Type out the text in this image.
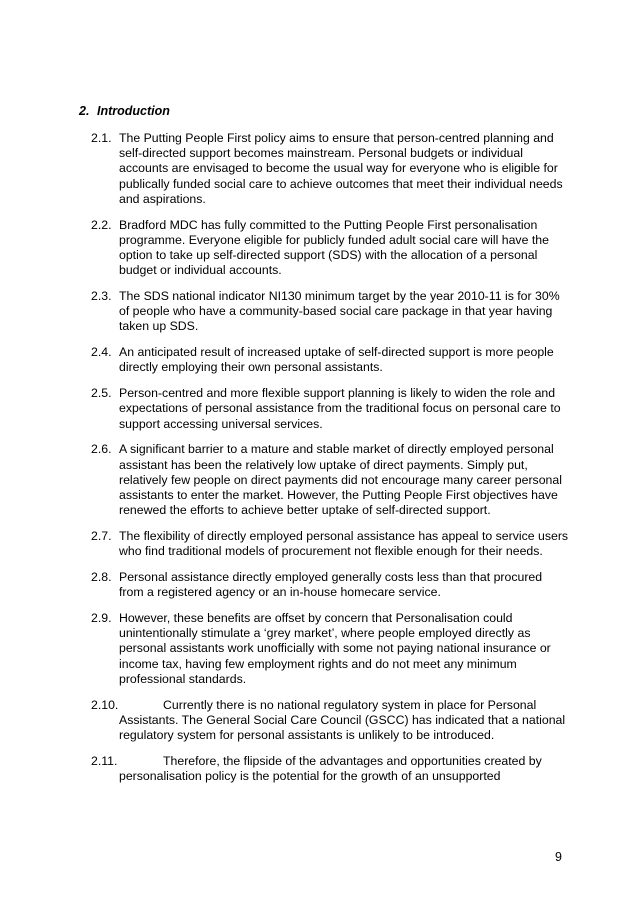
2. Introduction

2.1. The Putting People First policy aims to ensure that person-centred planning and self-directed support becomes mainstream. Personal budgets or individual accounts are envisaged to become the usual way for everyone who is eligible for publically funded social care to achieve outcomes that meet their individual needs and aspirations.

2.2. Bradford MDC has fully committed to the Putting People First personalisation programme. Everyone eligible for publicly funded adult social care will have the option to take up self-directed support (SDS) with the allocation of a personal budget or individual accounts.

2.3. The SDS national indicator NI130 minimum target by the year 2010-11 is for 30% of people who have a community-based social care package in that year having taken up SDS.

2.4. An anticipated result of increased uptake of self-directed support is more people directly employing their own personal assistants.

2.5. Person-centred and more flexible support planning is likely to widen the role and expectations of personal assistance from the traditional focus on personal care to support accessing universal services.

2.6. A significant barrier to a mature and stable market of directly employed personal assistant has been the relatively low uptake of direct payments. Simply put, relatively few people on direct payments did not encourage many career personal assistants to enter the market. However, the Putting People First objectives have renewed the efforts to achieve better uptake of self-directed support.

2.7. The flexibility of directly employed personal assistance has appeal to service users who find traditional models of procurement not flexible enough for their needs.

2.8. Personal assistance directly employed generally costs less than that procured from a registered agency or an in-house homecare service.

2.9. However, these benefits are offset by concern that Personalisation could unintentionally stimulate a ‘grey market’, where people employed directly as personal assistants work unofficially with some not paying national insurance or income tax, having few employment rights and do not meet any minimum professional standards.

2.10.	Currently there is no national regulatory system in place for Personal Assistants. The General Social Care Council (GSCC) has indicated that a national regulatory system for personal assistants is unlikely to be introduced.

2.11.	Therefore, the flipside of the advantages and opportunities created by personalisation policy is the potential for the growth of an unsupported

9
